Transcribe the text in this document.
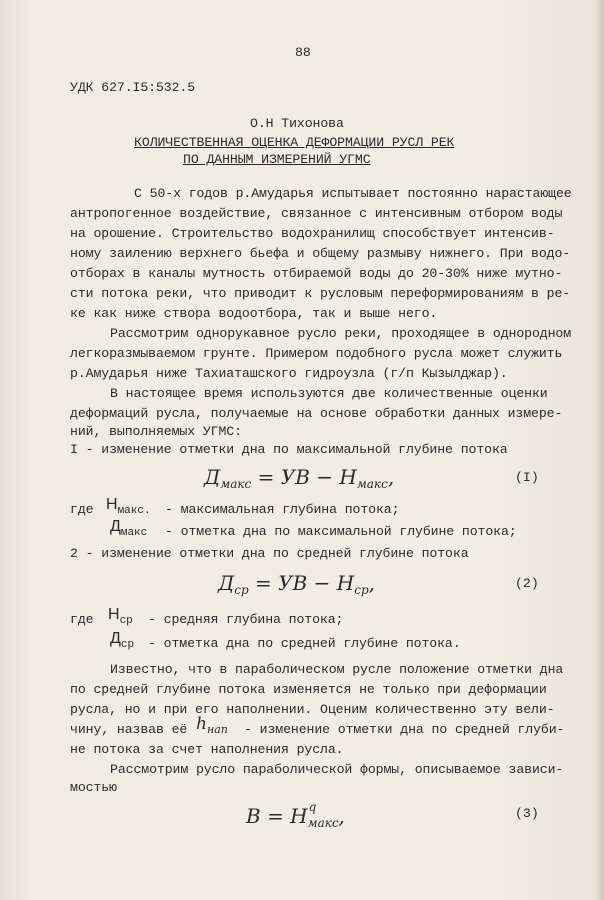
88
УДК 627.I5:532.5
О.Н Тихонова
КОЛИЧЕСТВЕННАЯ ОЦЕНКА ДЕФОРМАЦИИ РУСЛ РЕК
ПО ДАННЫМ ИЗМЕРЕНИЙ УГМС
С 50-х годов р.Амударья испытывает постоянно нарастающее
антропогенное воздействие, связанное с интенсивным отбором воды
на орошение. Строительство водохранилищ способствует интенсив-
ному заилению верхнего бьефа и общему размыву нижнего. При водо-
отборах в каналы мутность отбираемой воды до 20-30% ниже мутно-
сти потока реки, что приводит к русловым переформированиям в ре-
ке как ниже створа водоотбора, так и выше него.
Рассмотрим однорукавное русло реки, проходящее в однородном
легкоразмываемом грунте. Примером подобного русла может служить
р.Амударья ниже Тахиаташского гидроузла (г/п Кызылджар).
В настоящее время используются две количественные оценки
деформаций русла, получаемые на основе обработки данных измере-
ний, выполняемых УГМС:
I - изменение отметки дна по максимальной глубине потока
$Д_{макс}$ = УВ − $H_{макс}$,	(I)
где $H_{макс.}$ - максимальная глубина потока;
$Д_{макс}$ - отметка дна по максимальной глубине потока;
2 - изменение отметки дна по средней глубине потока
$Д_{ср}$ = УВ − $H_{ср}$,	(2)
где $H_{ср}$ - средняя глубина потока;
$Д_{ср}$ - отметка дна по средней глубине потока.
Известно, что в параболическом русле положение отметки дна
по средней глубине потока изменяется не только при деформации
русла, но и при его наполнении. Оценим количественно эту вели-
чину, назвав её $h_{нап}$ - изменение отметки дна по средней глуби-
не потока за счет наполнения русла.
Рассмотрим русло параболической формы, описываемое зависи-
мостью
$B = H_{макс}^q$ ,	(3)
